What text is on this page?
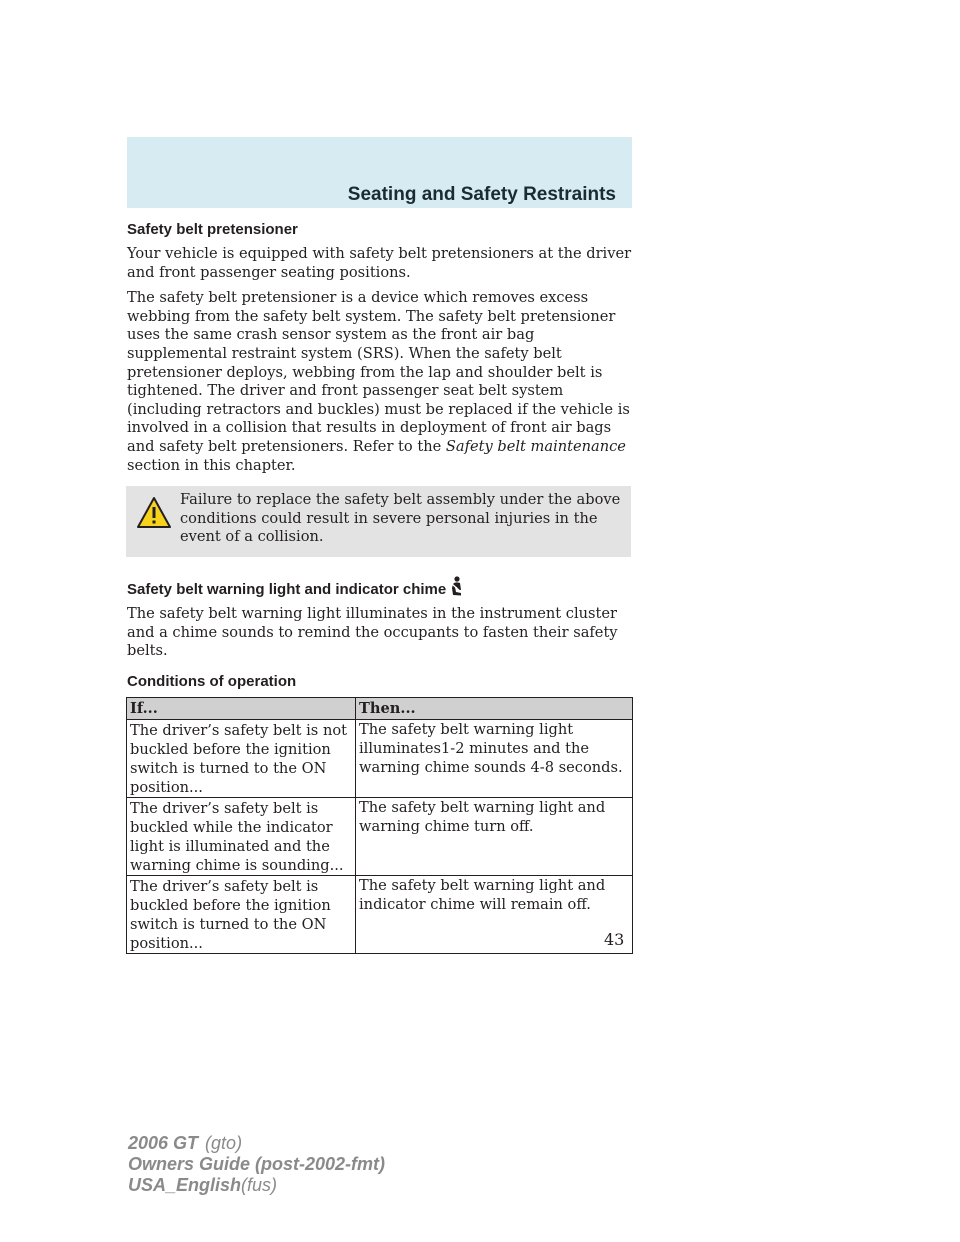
Seating and Safety Restraints
Safety belt pretensioner

Your vehicle is equipped with safety belt pretensioners at the driver and front passenger seating positions.

The safety belt pretensioner is a device which removes excess webbing from the safety belt system. The safety belt pretensioner uses the same crash sensor system as the front air bag supplemental restraint system (SRS). When the safety belt pretensioner deploys, webbing from the lap and shoulder belt is tightened. The driver and front passenger seat belt system (including retractors and buckles) must be replaced if the vehicle is involved in a collision that results in deployment of front air bags and safety belt pretensioners. Refer to the Safety belt maintenance section in this chapter.

Failure to replace the safety belt assembly under the above conditions could result in severe personal injuries in the event of a collision.

Safety belt warning light and indicator chime

The safety belt warning light illuminates in the instrument cluster and a chime sounds to remind the occupants to fasten their safety belts.

Conditions of operation
If...	Then...
The driver’s safety belt is not buckled before the ignition switch is turned to the ON position...	The safety belt warning light illuminates1-2 minutes and the warning chime sounds 4-8 seconds.
The driver’s safety belt is buckled while the indicator light is illuminated and the warning chime is sounding...	The safety belt warning light and warning chime turn off.
The driver’s safety belt is buckled before the ignition switch is turned to the ON position...	The safety belt warning light and indicator chime will remain off.
43
2006 GT (gto)
Owners Guide (post-2002-fmt)
USA_English(fus)
